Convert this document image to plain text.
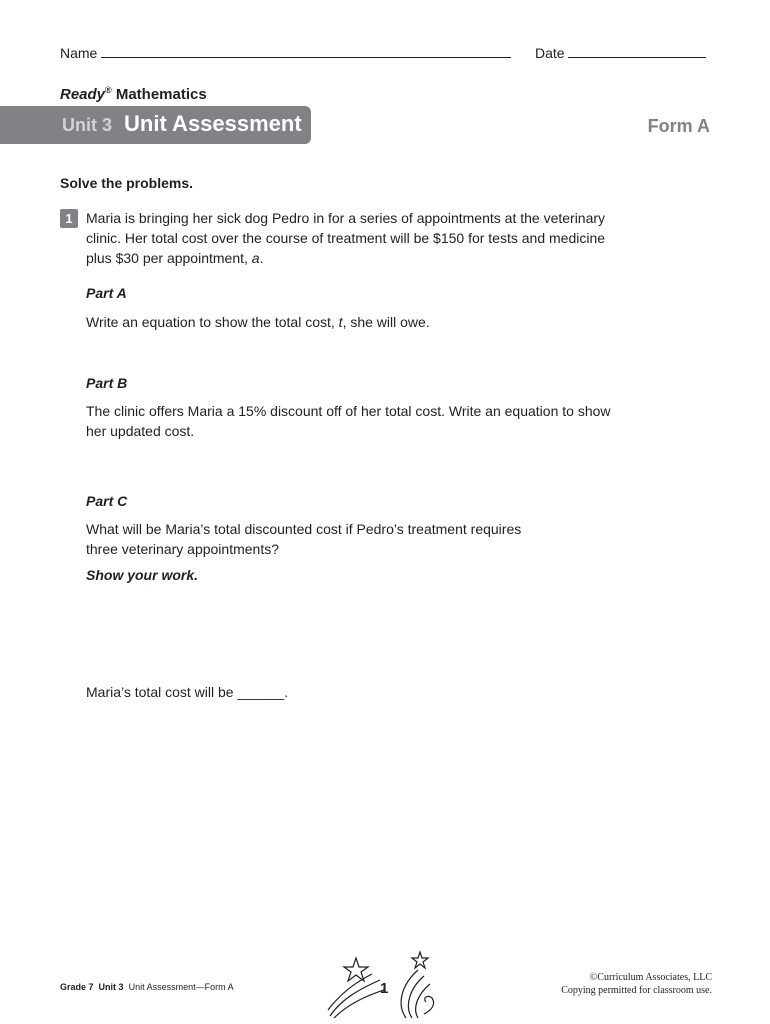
Name	Date
Ready® Mathematics
Unit 3 Unit Assessment	Form A
Solve the problems.
1 Maria is bringing her sick dog Pedro in for a series of appointments at the veterinary clinic. Her total cost over the course of treatment will be $150 for tests and medicine plus $30 per appointment, a.
Part A
Write an equation to show the total cost, t, she will owe.
Part B
The clinic offers Maria a 15% discount off of her total cost. Write an equation to show her updated cost.
Part C
What will be Maria’s total discounted cost if Pedro’s treatment requires three veterinary appointments?
Show your work.
Maria’s total cost will be ______.
Grade 7 Unit 3 Unit Assessment—Form A	1
©Curriculum Associates, LLC
Copying permitted for classroom use.
